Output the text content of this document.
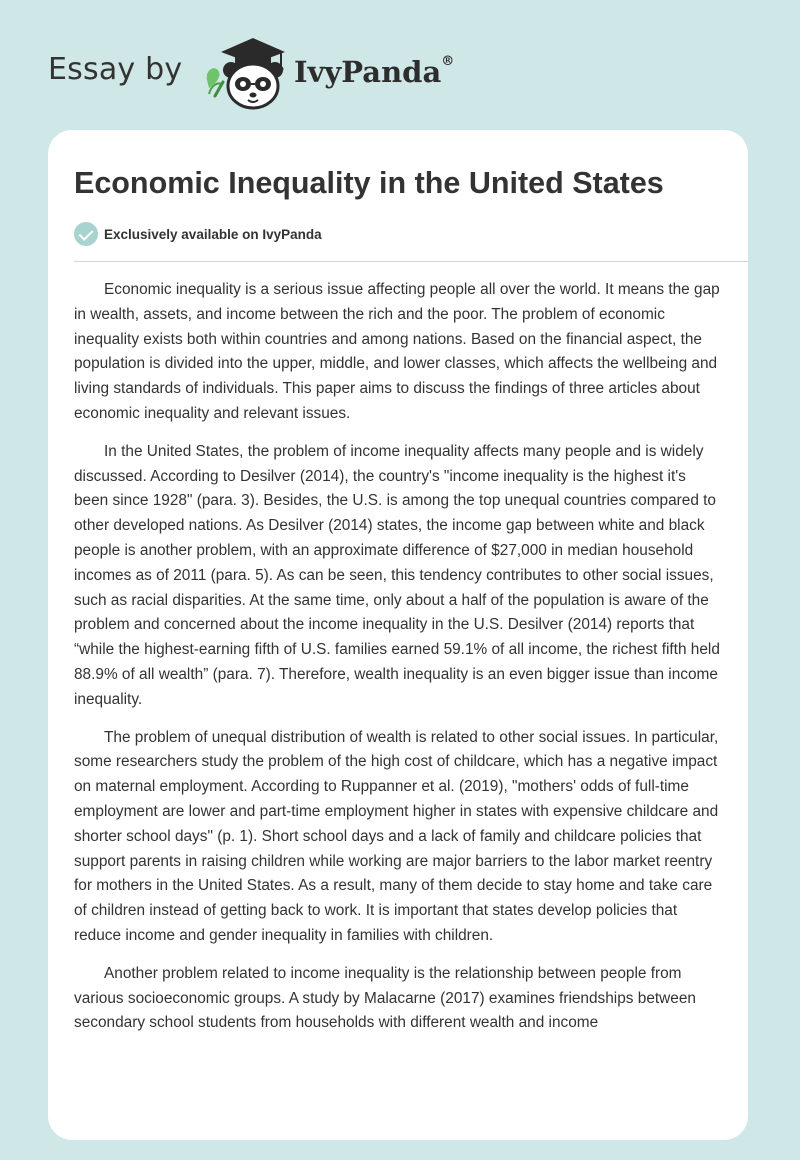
Essay by	IvyPanda®
Economic Inequality in the United States
Exclusively available on IvyPanda

Economic inequality is a serious issue affecting people all over the world. It means the gap in wealth, assets, and income between the rich and the poor. The problem of economic inequality exists both within countries and among nations. Based on the financial aspect, the population is divided into the upper, middle, and lower classes, which affects the wellbeing and living standards of individuals. This paper aims to discuss the findings of three articles about economic inequality and relevant issues.

In the United States, the problem of income inequality affects many people and is widely discussed. According to Desilver (2014), the country's "income inequality is the highest it's been since 1928" (para. 3). Besides, the U.S. is among the top unequal countries compared to other developed nations. As Desilver (2014) states, the income gap between white and black people is another problem, with an approximate difference of $27,000 in median household incomes as of 2011 (para. 5). As can be seen, this tendency contributes to other social issues, such as racial disparities. At the same time, only about a half of the population is aware of the problem and concerned about the income inequality in the U.S. Desilver (2014) reports that “while the highest-earning fifth of U.S. families earned 59.1% of all income, the richest fifth held 88.9% of all wealth” (para. 7). Therefore, wealth inequality is an even bigger issue than income inequality.

The problem of unequal distribution of wealth is related to other social issues. In particular, some researchers study the problem of the high cost of childcare, which has a negative impact on maternal employment. According to Ruppanner et al. (2019), "mothers' odds of full-time employment are lower and part-time employment higher in states with expensive childcare and shorter school days" (p. 1). Short school days and a lack of family and childcare policies that support parents in raising children while working are major barriers to the labor market reentry for mothers in the United States. As a result, many of them decide to stay home and take care of children instead of getting back to work. It is important that states develop policies that reduce income and gender inequality in families with children.

Another problem related to income inequality is the relationship between people from various socioeconomic groups. A study by Malacarne (2017) examines friendships between secondary school students from households with different wealth and income
